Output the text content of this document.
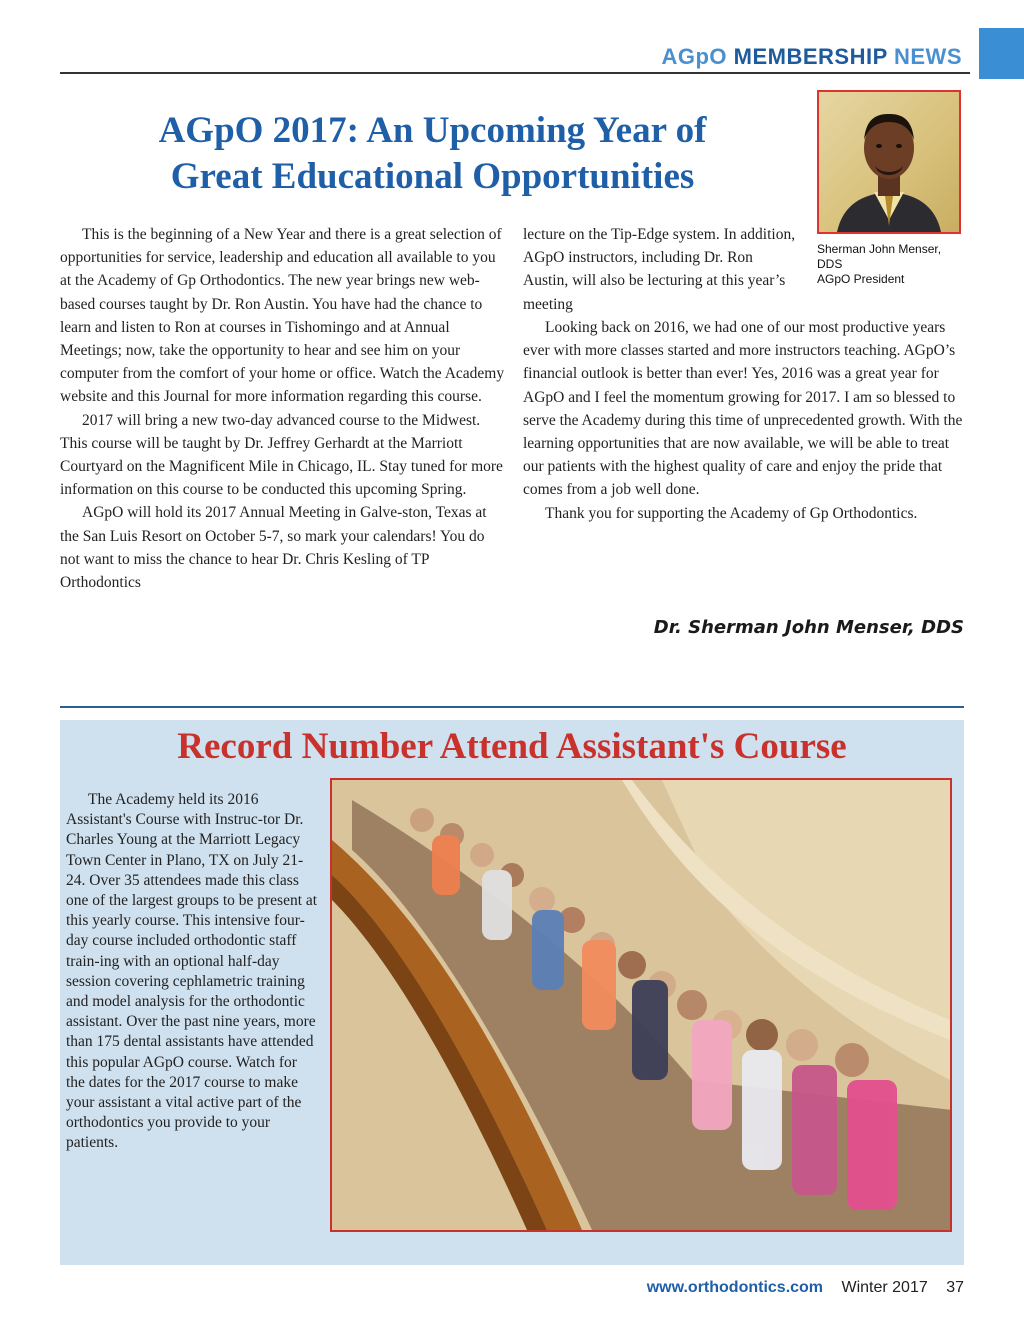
AGpO MEMBERSHIP NEWS
AGpO 2017: An Upcoming Year of
Great Educational Opportunities
Sherman John Menser, DDS
AGpO President

This is the beginning of a New Year and there is a great selection of opportunities for service, leadership and education all available to you at the Academy of Gp Orthodontics. The new year brings new web-based courses taught by Dr. Ron Austin. You have had the chance to learn and listen to Ron at courses in Tishomingo and at Annual Meetings; now, take the opportunity to hear and see him on your computer from the comfort of your home or office. Watch the Academy website and this Journal for more information regarding this course.

2017 will bring a new two-day advanced course to the Midwest. This course will be taught by Dr. Jeffrey Gerhardt at the Marriott Courtyard on the Magnificent Mile in Chicago, IL. Stay tuned for more information on this course to be conducted this upcoming Spring.

AGpO will hold its 2017 Annual Meeting in Galve-ston, Texas at the San Luis Resort on October 5-7, so mark your calendars! You do not want to miss the chance to hear Dr. Chris Kesling of TP Orthodontics

lecture on the Tip-Edge system. In addition, AGpO instructors, including Dr. Ron Austin, will also be lecturing at this year’s meeting

Looking back on 2016, we had one of our most productive years ever with more classes started and more instructors teaching. AGpO’s financial outlook is better than ever! Yes, 2016 was a great year for AGpO and I feel the momentum growing for 2017. I am so blessed to serve the Academy during this time of unprecedented growth. With the learning opportunities that are now available, we will be able to treat our patients with the highest quality of care and enjoy the pride that comes from a job well done.

Thank you for supporting the Academy of Gp Orthodontics.

Dr. Sherman John Menser, DDS
Record Number Attend Assistant's Course

The Academy held its 2016 Assistant's Course with Instruc-tor Dr. Charles Young at the Marriott Legacy Town Center in Plano, TX on July 21-24. Over 35 attendees made this class one of the largest groups to be present at this yearly course. This intensive four-day course included orthodontic staff train-ing with an optional half-day session covering cephlametric training and model analysis for the orthodontic assistant. Over the past nine years, more than 175 dental assistants have attended this popular AGpO course. Watch for the dates for the 2017 course to make your assistant a vital active part of the orthodontics you provide to your patients.

www.orthodontics.com Winter 2017 37
